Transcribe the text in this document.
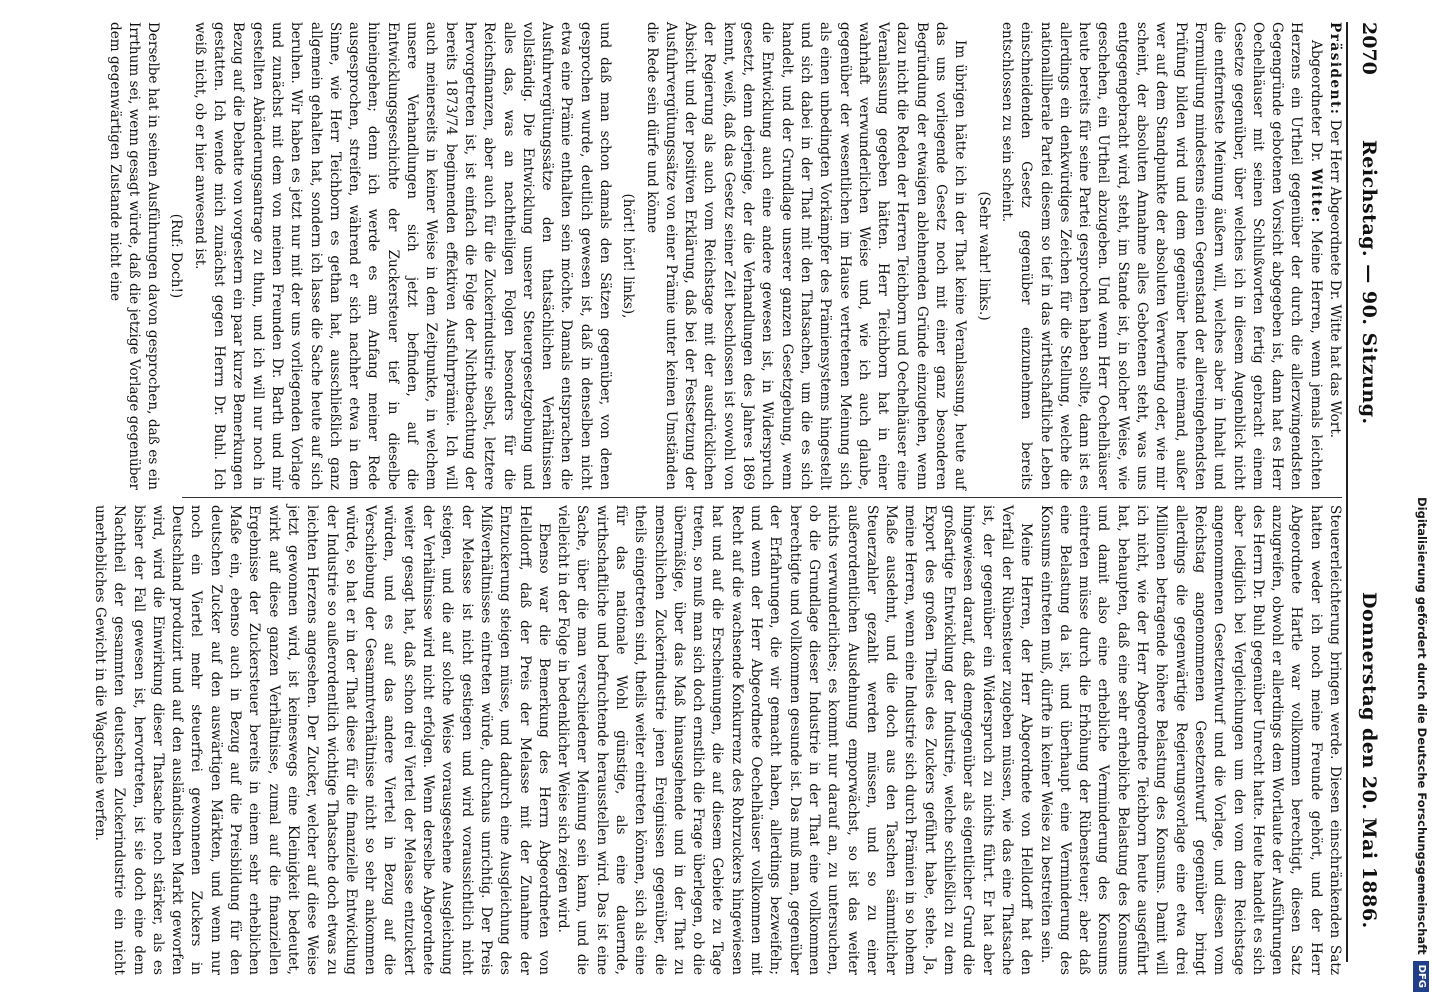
2070
Reichstag. — 90. Sitzung.
Donnerstag den 20. Mai 1886.

Präsident: Der Herr Abgeordnete Dr. Witte hat das Wort.

Abgeordneter Dr. Witte: Meine Herren, wenn jemals leichten Herzens ein Urtheil gegenüber der durch die allerzwingendsten Gegengründe gebotenen Vorsicht abgegeben ist, dann hat es Herr Oechelhäuser mit seinen Schlußworten fertig gebracht einem Gesetze gegenüber, über welches ich in diesem Augenblick nicht die entfernteste Meinung äußern will, welches aber in Inhalt und Formulirung mindestens einen Gegenstand der allereingehendsten Prüfung bilden wird und dem gegenüber heute niemand, außer wer auf dem Standpunkte der absoluten Verwerfung oder, wie mir scheint, der absoluten Annahme alles Gebotenen steht, was uns entgegengebracht wird, steht, im Stande ist, in solcher Weise, wie geschehen, ein Urtheil abzugeben. Und wenn Herr Oechelhäuser heute bereits für seine Partei gesprochen haben sollte, dann ist es allerdings ein denkwürdiges Zeichen für die Stellung, welche die nationalliberale Partei diesem so tief in das wirthschaftliche Leben einschneidenden Gesetz gegenüber einzunehmen bereits entschlossen zu sein scheint.

(Sehr wahr! links.)

Im übrigen hätte ich in der That keine Veranlassung, heute auf das uns vorliegende Gesetz noch mit einer ganz besonderen Begründung der etwaigen ablehnenden Gründe einzugehen, wenn dazu nicht die Reden der Herren Teichborn und Oechelhäuser eine Veranlassung gegeben hätten. Herr Teichborn hat in einer wahrhaft verwunderlichen Weise und, wie ich auch glaube, gegenüber der wesentlichen im Hause vertretenen Meinung sich als einen unbedingten Vorkämpfer des Prämiensystems hingestellt und sich dabei in der That mit den Thatsachen, um die es sich handelt, und der Grundlage unserer ganzen Gesetzgebung, wenn die Entwicklung auch eine andere gewesen ist, in Widerspruch gesetzt, denn derjenige, der die Verhandlungen des Jahres 1869 kennt, weiß, daß das Gesetz seiner Zeit beschlossen ist sowohl von der Regierung als auch vom Reichstage mit der ausdrücklichen Absicht und der positiven Erklärung, daß bei der Festsetzung der Ausfuhrvergütungssätze von einer Prämie unter keinen Umständen die Rede sein dürfe und könne

(hört! hört! links),

und daß man schon damals den Sätzen gegenüber, von denen gesprochen wurde, deutlich gewesen ist, daß in denselben nicht etwa eine Prämie enthalten sein möchte. Damals entsprachen die Ausfuhrvergütungssätze den thatsächlichen Verhältnissen vollständig. Die Entwicklung unserer Steuergesetzgebung und alles das, was an nachtheiligen Folgen besonders für die Reichsfinanzen, aber auch für die Zuckerindustrie selbst, letztere hervorgetreten ist, ist einfach die Folge der Nichtbeachtung der bereits 1873/74 beginnenden effektiven Ausfuhrprämie. Ich will auch meinerseits in keiner Weise in dem Zeitpunkte, in welchem unsere Verhandlungen sich jetzt befinden, auf die Entwicklungsgeschichte der Zuckersteuer tief in dieselbe hineingehen; denn ich werde es am Anfang meiner Rede ausgesprochen, streifen, während er sich nachher etwa in dem Sinne, wie Herr Teichborn es gethan hat, ausschließlich ganz allgemein gehalten hat, sondern ich lasse die Sache heute auf sich beruhen. Wir haben es jetzt nur mit der uns vorliegenden Vorlage und zunächst mit dem von meinen Freunden Dr. Barth und mir gestellten Abänderungsantrage zu thun, und ich will nur noch in Bezug auf die Debatte von vorgestern ein paar kurze Bemerkungen gestatten. Ich wende mich zunächst gegen Herrn Dr. Buhl. Ich weiß nicht, ob er hier anwesend ist.

(Ruf: Doch!)

Derselbe hat in seinen Ausführungen davon gesprochen, daß es ein Irrthum sei, wenn gesagt würde, daß die jetzige Vorlage gegenüber dem gegenwärtigen Zustande nicht eine

Steuererleichterung bringen werde. Diesen einschränkenden Satz hatten weder ich noch meine Freunde gehört, und der Herr Abgeordnete Hartle war vollkommen berechtigt, diesen Satz anzugreifen, obwohl er allerdings dem Wortlaute der Ausführungen des Herrn Dr. Buhl gegenüber Unrecht hatte. Heute handelt es sich aber lediglich bei Vergleichungen um den vom dem Reichstage angenommenen Gesetzentwurf und die Vorlage, und diesen vom Reichstag angenommenen Gesetzentwurf gegenüber bringt allerdings die gegenwärtige Regierungsvorlage eine etwa drei Millionen betragende höhere Belastung des Konsums. Damit will ich nicht, wie der Herr Abgeordnete Teichborn heute ausgeführt hat, behaupten, daß eine sehr erhebliche Belastung des Konsums und damit also eine erhebliche Verminderung des Konsums eintreten müsse durch die Erhöhung der Rübensteuer; aber daß eine Belastung da ist, und überhaupt eine Verminderung des Konsums eintreten muß, dürfte in keiner Weise zu bestreiten sein.

Meine Herren, der Herr Abgeordnete von Helldorff hat den Verfall der Rübensteuer zugeben müssen, wie das eine Thatsache ist, der gegenüber ein Widerspruch zu nichts führt. Er hat aber hingewiesen darauf, daß demgegenüber als eigentlicher Grund die großartige Entwicklung der Industrie, welche schließlich zu dem Export des großen Theiles des Zuckers geführt habe, stehe. Ja, meine Herren, wenn eine Industrie sich durch Prämien in so hohem Maße ausdehnt, und die doch aus den Taschen sämmtlicher Steuerzahler gezahlt werden müssen, und so zu einer außerordentlichen Ausdehnung emporwächst, so ist das weiter nichts verwunderliches; es kommt nur darauf an, zu untersuchen, ob die Grundlage dieser Industrie in der That eine vollkommen berechtigte und vollkommen gesunde ist. Das muß man, gegenüber der Erfahrungen, die wir gemacht haben, allerdings bezweifeln; und wenn der Herr Abgeordnete Oechelhäuser vollkommen mit Recht auf die wachsende Konkurrenz des Rohrzuckers hingewiesen hat und auf die Erscheinungen, die auf diesem Gebiete zu Tage treten, so muß man sich doch ernstlich die Frage überlegen, ob die übermäßige, über das Maß hinausgehende und in der That zu menschlichen Zuckerindustrie jenen Ereignissen gegenüber, die theils eingetreten sind, theils weiter eintreten können, sich als eine für das nationale Wohl günstige, als eine dauernde, wirthschaftliche und befruchtende herausstellen wird. Das ist eine Sache, über die man verschiedener Meinung sein kann, und die vielleicht in der Folge in bedenklicher Weise sich zeigen wird.

Ebenso war die Bemerkung des Herrn Abgeordneten von Helldorff, daß der Preis der Melasse mit der Zunahme der Entzuckerung steigen müsse, und dadurch eine Ausgleichung des Mißverhältnisses eintreten würde, durchaus unrichtig. Der Preis der Melasse ist nicht gestiegen und wird voraussichtlich nicht steigen, und die auf solche Weise vorausgesehene Ausgleichung der Verhältnisse wird nicht erfolgen. Wenn derselbe Abgeordnete weiter gesagt hat, daß schon drei Viertel der Melasse entzuckert würden, und es auf das andere Viertel in Bezug auf die Verschiebung der Gesammtverhältnisse nicht so sehr ankommen würde, so hat er in der That diese für die finanzielle Entwicklung der Industrie so außerordentlich wichtige Thatsache doch etwas zu leichten Herzens angesehen. Der Zucker, welcher auf diese Weise jetzt gewonnen wird, ist keineswegs eine Kleinigkeit bedeutet, wirkt auf diese ganzen Verhältnisse, zumal auf die finanziellen Ergebnisse der Zuckersteuer bereits in einem sehr erheblichen Maße ein, ebenso auch in Bezug auf die Preisbildung für den deutschen Zucker auf den auswärtigen Märkten, und wenn nur noch ein Viertel mehr steuerfrei gewonnenen Zuckers in Deutschland produzirt und auf den ausländischen Markt geworfen wird, wird die Einwirkung dieser Thatsache noch stärker, als es bisher der Fall gewesen ist, hervortreten, ist sie doch eine dem Nachtheil der gesammten deutschen Zuckerindustrie ein nicht unerhebliches Gewicht in die Wagschale werfen.	Digitalisierung gefördert durch die Deutsche ForschungsgemeinschaftDFG
